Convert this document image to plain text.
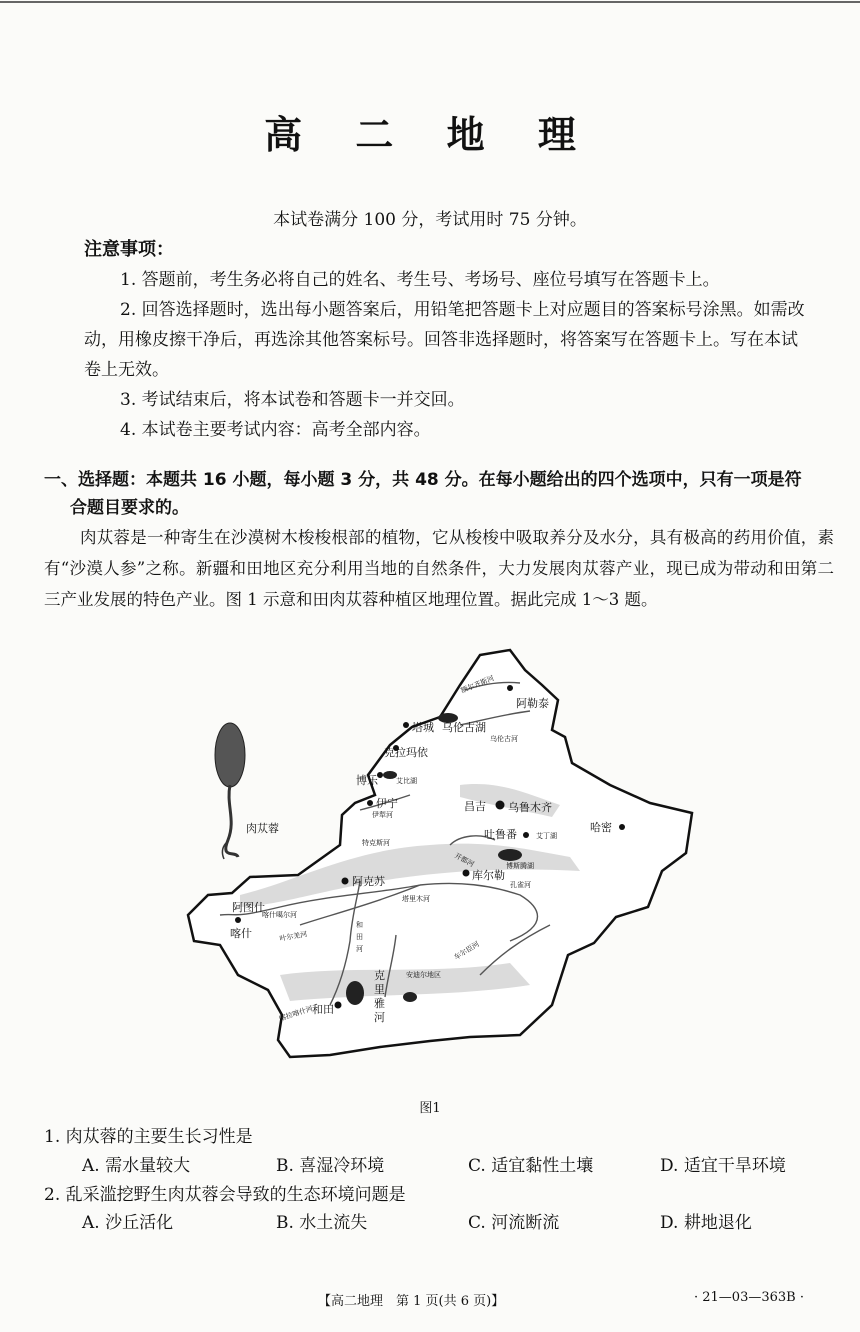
高 二 地 理
本试卷满分 100 分，考试用时 75 分钟。
注意事项：
1. 答题前，考生务必将自己的姓名、考生号、考场号、座位号填写在答题卡上。
2. 回答选择题时，选出每小题答案后，用铅笔把答题卡上对应题目的答案标号涂黑。如需改动，用橡皮擦干净后，再选涂其他答案标号。回答非选择题时，将答案写在答题卡上。写在本试卷上无效。
3. 考试结束后，将本试卷和答题卡一并交回。
4. 本试卷主要考试内容：高考全部内容。
一、选择题：本题共 16 小题，每小题 3 分，共 48 分。在每小题给出的四个选项中，只有一项是符
合题目要求的。
肉苁蓉是一种寄生在沙漠树木梭梭根部的植物，它从梭梭中吸取养分及水分，具有极高的药用价值，素有“沙漠人参”之称。新疆和田地区充分利用当地的自然条件，大力发展肉苁蓉产业，现已成为带动和田第二三产业发展的特色产业。图 1 示意和田肉苁蓉种植区地理位置。据此完成 1～3 题。
肉苁蓉
阿勒泰
塔城
克拉玛依
博乐
伊宁	昌吉 乌鲁木齐
吐鲁番
哈密
库尔勒
阿克苏
阿图什
喀什
和田
额尔齐斯河
乌伦古湖
乌伦古河
艾比湖
伊犁河
特克斯河
艾丁湖
开都河	博斯腾湖
孔雀河
塔里木河
喀什噶尔河
叶尔羌河
和
田
河	车尔臣河
安迪尔地区
喀拉喀什河
克
里
雅
河
图1
1. 肉苁蓉的主要生长习性是
A. 需水量较大	B. 喜湿冷环境	C. 适宜黏性土壤	D. 适宜干旱环境
2. 乱采滥挖野生肉苁蓉会导致的生态环境问题是
A. 沙丘活化	B. 水土流失	C. 河流断流	D. 耕地退化
【高二地理　第 1 页(共 6 页)】	· 21—03—363B ·
